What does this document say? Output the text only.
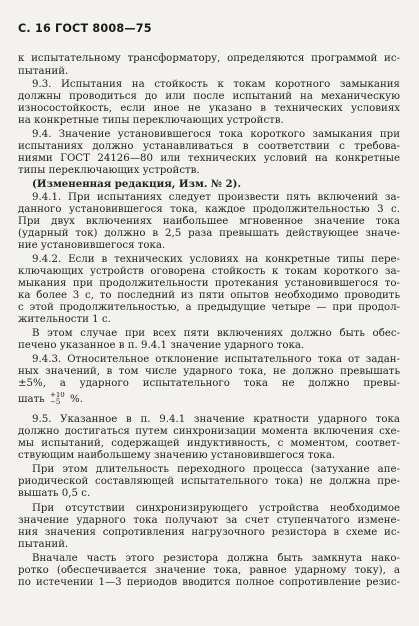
С. 16 ГОСТ 8008—75
к испытательному трансформатору, определяются программой ис-
пытаний.
9.3. Испытания на стойкость к токам коротного замыкания
должны проводиться до или после испытаний на механическую
износостойкость, если иное не указано в технических условиях
на конкретные типы переключающих устройств.
9.4. Значение установившегося тока короткого замыкания при
испытаниях должно устанавливаться в соответствии с требова-
ниями ГОСТ 24126—80 или технических условий на конкретные
типы переключающих устройств.
(Измененная редакция, Изм. № 2).
9.4.1. При испытаниях следует произвести пять включений за-
данного установившегося тока, каждое продолжительностью 3 с.
При двух включениях наибольшее мгновенное значение тока
(ударный ток) должно в 2,5 раза превышать действующее значе-
ние установившегося тока.
9.4.2. Если в технических условиях на конкретные типы пере-
ключающих устройств оговорена стойкость к токам короткого за-
мыкания при продолжительности протекания установившегося то-
ка более 3 с, то последний из пяти опытов необходимо проводить
с этой продолжительностью, а предыдущие четыре — при продол-
жительности 1 с.
В этом случае при всех пяти включениях должно быть обес-
печено указанное в п. 9.4.1 значение ударного тока.
9.4.3. Относительное отклонение испытательного тока от задан-
ных значений, в том числе ударного тока, не должно превышать
±5%, а ударного испытательного тока не должно превы-
шать +10
−5 %.
9.5. Указанное в п. 9.4.1 значение кратности ударного тока
должно достигаться путем синхронизации момента включения схе-
мы испытаний, содержащей индуктивность, с моментом, соответ-
ствующим наибольшему значению установившегося тока.
При этом длительность переходного процесса (затухание апе-
риодической составляющей испытательного тока) не должна пре-
вышать 0,5 с.
При отсутствии синхронизирующего устройства необходимое
значение ударного тока получают за счет ступенчатого измене-
ния значения сопротивления нагрузочного резистора в схеме ис-
пытаний.
Вначале часть этого резистора должна быть замкнута нако-
ротко (обеспечивается значение тока, равное ударному току), а
по истечении 1—3 периодов вводится полное сопротивление резис-
